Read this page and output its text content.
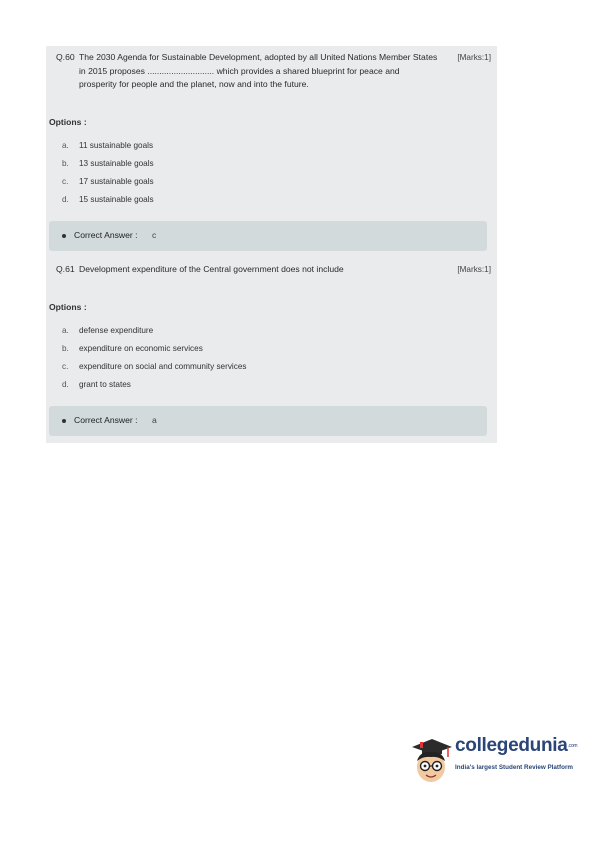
Q.60 The 2030 Agenda for Sustainable Development, adopted by all United Nations Member States in 2015 proposes ............................ which provides a shared blueprint for peace and prosperity for people and the planet, now and into the future.
[Marks:1]
Options :
a. 11 sustainable goals
b. 13 sustainable goals
c. 17 sustainable goals
d. 15 sustainable goals
Correct Answer : c
Q.61 Development expenditure of the Central government does not include	[Marks:1]
Options :
a. defense expenditure
b. expenditure on economic services
c. expenditure on social and community services
d. grant to states
Correct Answer : a
collegedunia.com
India's largest Student Review Platform
